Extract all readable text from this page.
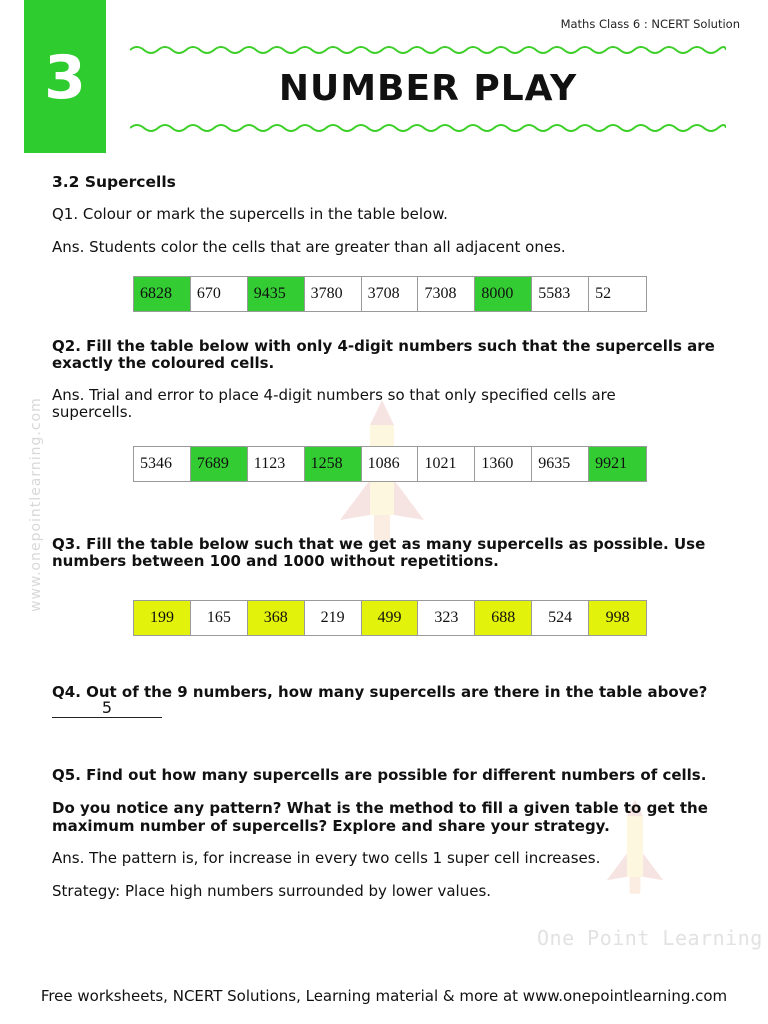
3
Maths Class 6 : NCERT Solution
NUMBER PLAY
www.onepointlearning.com
One Point Learning
3.2 Supercells
Q1. Colour or mark the supercells in the table below.
Ans. Students color the cells that are greater than all adjacent ones.
6828	670	9435	3780	3708	7308	8000	5583	52
Q2. Fill the table below with only 4-digit numbers such that the supercells are
exactly the coloured cells.
Ans. Trial and error to place 4-digit numbers so that only specified cells are
supercells.
5346	7689	1123	1258	1086	1021	1360	9635	9921
Q3. Fill the table below such that we get as many supercells as possible. Use
numbers between 100 and 1000 without repetitions.
199	165	368	219	499	323	688	524	998
Q4. Out of the 9 numbers, how many supercells are there in the table above?
5
Q5. Find out how many supercells are possible for different numbers of cells.
Do you notice any pattern? What is the method to fill a given table to get the
maximum number of supercells? Explore and share your strategy.
Ans. The pattern is, for increase in every two cells 1 super cell increases.
Strategy: Place high numbers surrounded by lower values.
Free worksheets, NCERT Solutions, Learning material & more at www.onepointlearning.com
